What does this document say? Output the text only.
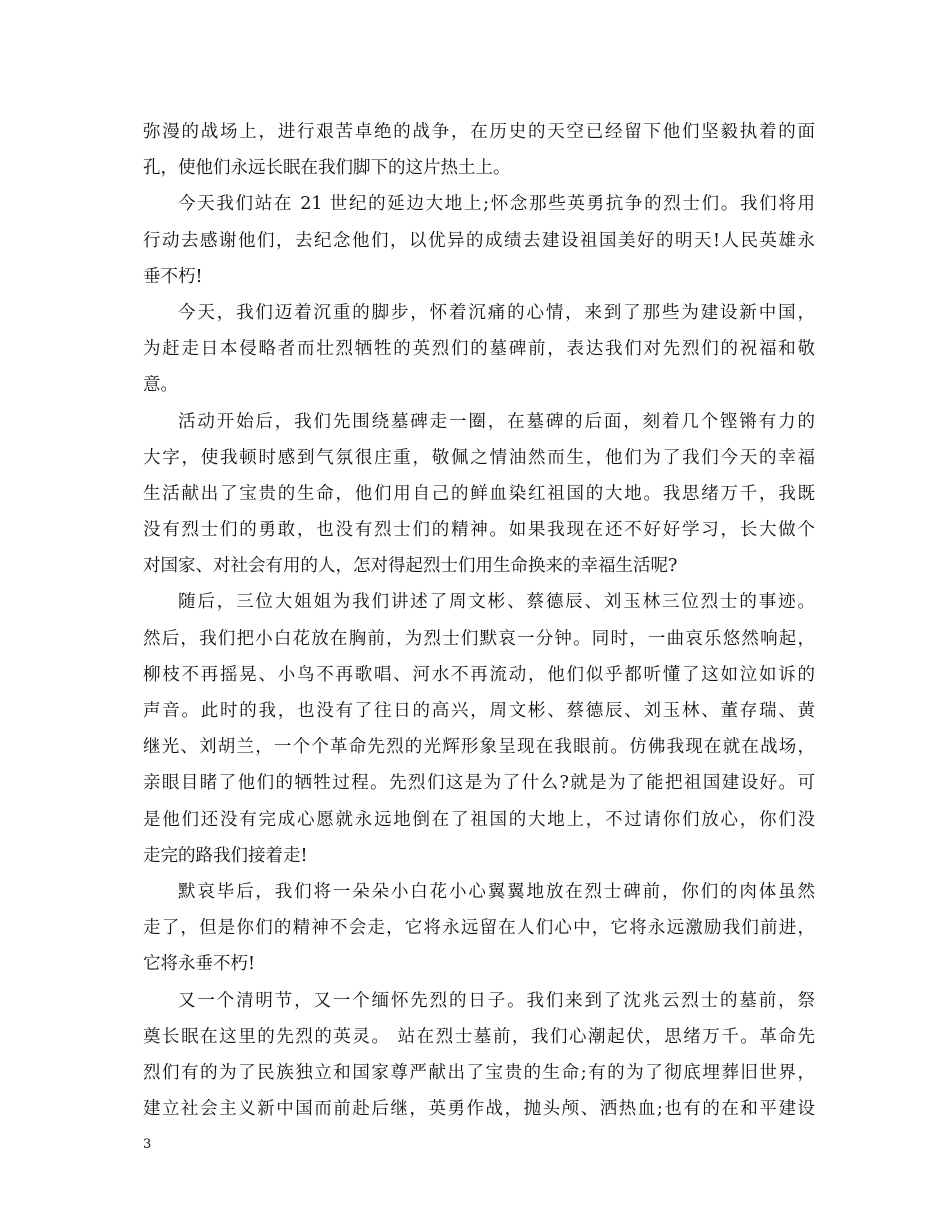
弥漫的战场上，进行艰苦卓绝的战争，在历史的天空已经留下他们坚毅执着的面
孔，使他们永远长眠在我们脚下的这片热土上。
今天我们站在 21 世纪的延边大地上;怀念那些英勇抗争的烈士们。我们将用
行动去感谢他们，去纪念他们，以优异的成绩去建设祖国美好的明天!人民英雄永
垂不朽!
今天，我们迈着沉重的脚步，怀着沉痛的心情，来到了那些为建设新中国，
为赶走日本侵略者而壮烈牺牲的英烈们的墓碑前，表达我们对先烈们的祝福和敬
意。
活动开始后，我们先围绕墓碑走一圈，在墓碑的后面，刻着几个铿锵有力的
大字，使我顿时感到气氛很庄重，敬佩之情油然而生，他们为了我们今天的幸福
生活献出了宝贵的生命，他们用自己的鲜血染红祖国的大地。我思绪万千，我既
没有烈士们的勇敢，也没有烈士们的精神。如果我现在还不好好学习，长大做个
对国家、对社会有用的人，怎对得起烈士们用生命换来的幸福生活呢?
随后，三位大姐姐为我们讲述了周文彬、蔡德辰、刘玉林三位烈士的事迹。
然后，我们把小白花放在胸前，为烈士们默哀一分钟。同时，一曲哀乐悠然响起，
柳枝不再摇晃、小鸟不再歌唱、河水不再流动，他们似乎都听懂了这如泣如诉的
声音。此时的我，也没有了往日的高兴，周文彬、蔡德辰、刘玉林、董存瑞、黄
继光、刘胡兰，一个个革命先烈的光辉形象呈现在我眼前。仿佛我现在就在战场，
亲眼目睹了他们的牺牲过程。先烈们这是为了什么?就是为了能把祖国建设好。可
是他们还没有完成心愿就永远地倒在了祖国的大地上，不过请你们放心，你们没
走完的路我们接着走!
默哀毕后，我们将一朵朵小白花小心翼翼地放在烈士碑前，你们的肉体虽然
走了，但是你们的精神不会走，它将永远留在人们心中，它将永远激励我们前进，
它将永垂不朽!
又一个清明节，又一个缅怀先烈的日子。我们来到了沈兆云烈士的墓前，祭
奠长眠在这里的先烈的英灵。 站在烈士墓前，我们心潮起伏，思绪万千。革命先
烈们有的为了民族独立和国家尊严献出了宝贵的生命;有的为了彻底埋葬旧世界，
建立社会主义新中国而前赴后继，英勇作战，抛头颅、洒热血;也有的在和平建设
3
